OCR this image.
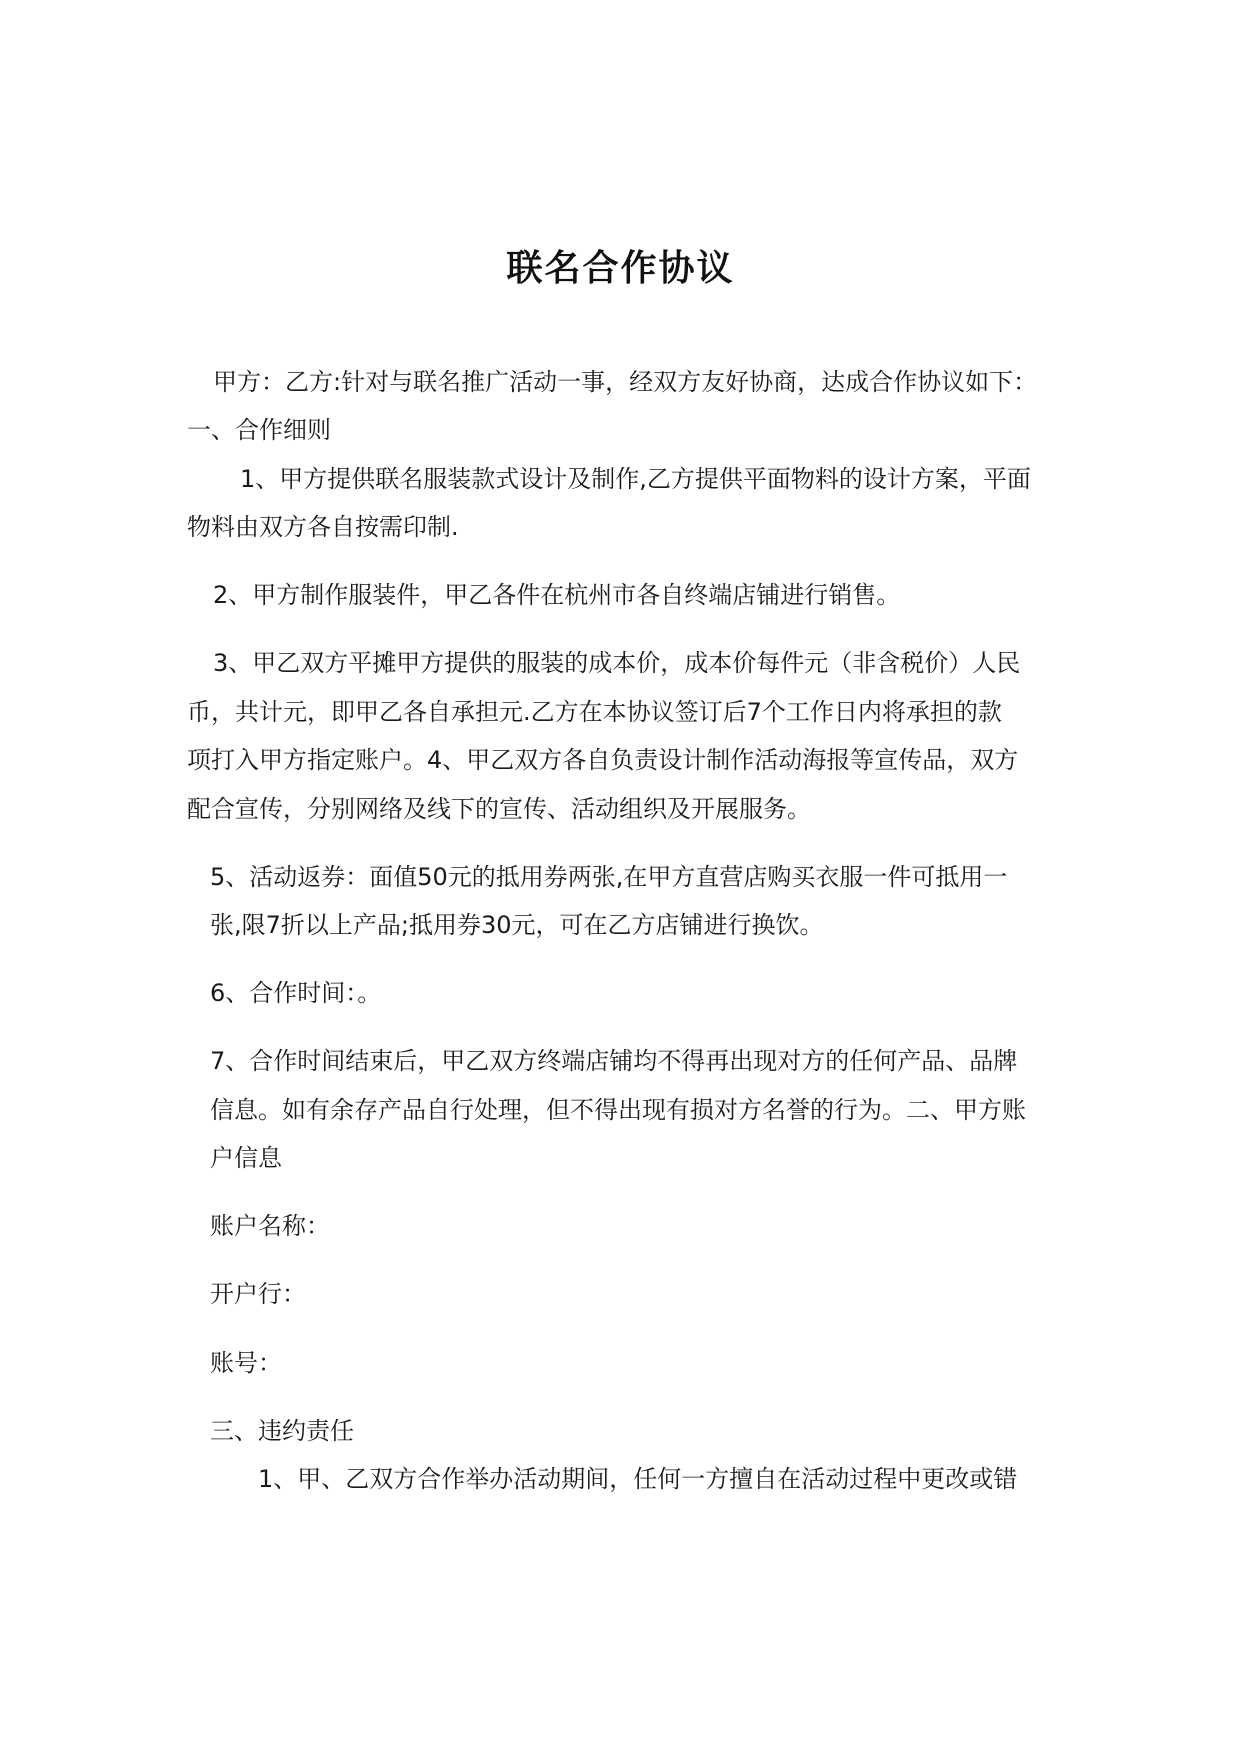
联名合作协议
甲方：乙方:针对与联名推广活动一事，经双方友好协商，达成合作协议如下：
一、合作细则
1、甲方提供联名服装款式设计及制作,乙方提供平面物料的设计方案，平面
物料由双方各自按需印制.
2、甲方制作服装件，甲乙各件在杭州市各自终端店铺进行销售。
3、甲乙双方平摊甲方提供的服装的成本价，成本价每件元（非含税价）人民
币，共计元，即甲乙各自承担元.乙方在本协议签订后7个工作日内将承担的款
项打入甲方指定账户。4、甲乙双方各自负责设计制作活动海报等宣传品，双方
配合宣传，分别网络及线下的宣传、活动组织及开展服务。
5、活动返券：面值50元的抵用券两张,在甲方直营店购买衣服一件可抵用一
张,限7折以上产品;抵用券30元，可在乙方店铺进行换饮。
6、合作时间：。
7、合作时间结束后，甲乙双方终端店铺均不得再出现对方的任何产品、品牌
信息。如有余存产品自行处理，但不得出现有损对方名誉的行为。二、甲方账
户信息
账户名称：
开户行：
账号：
三、违约责任
1、甲、乙双方合作举办活动期间，任何一方擅自在活动过程中更改或错
